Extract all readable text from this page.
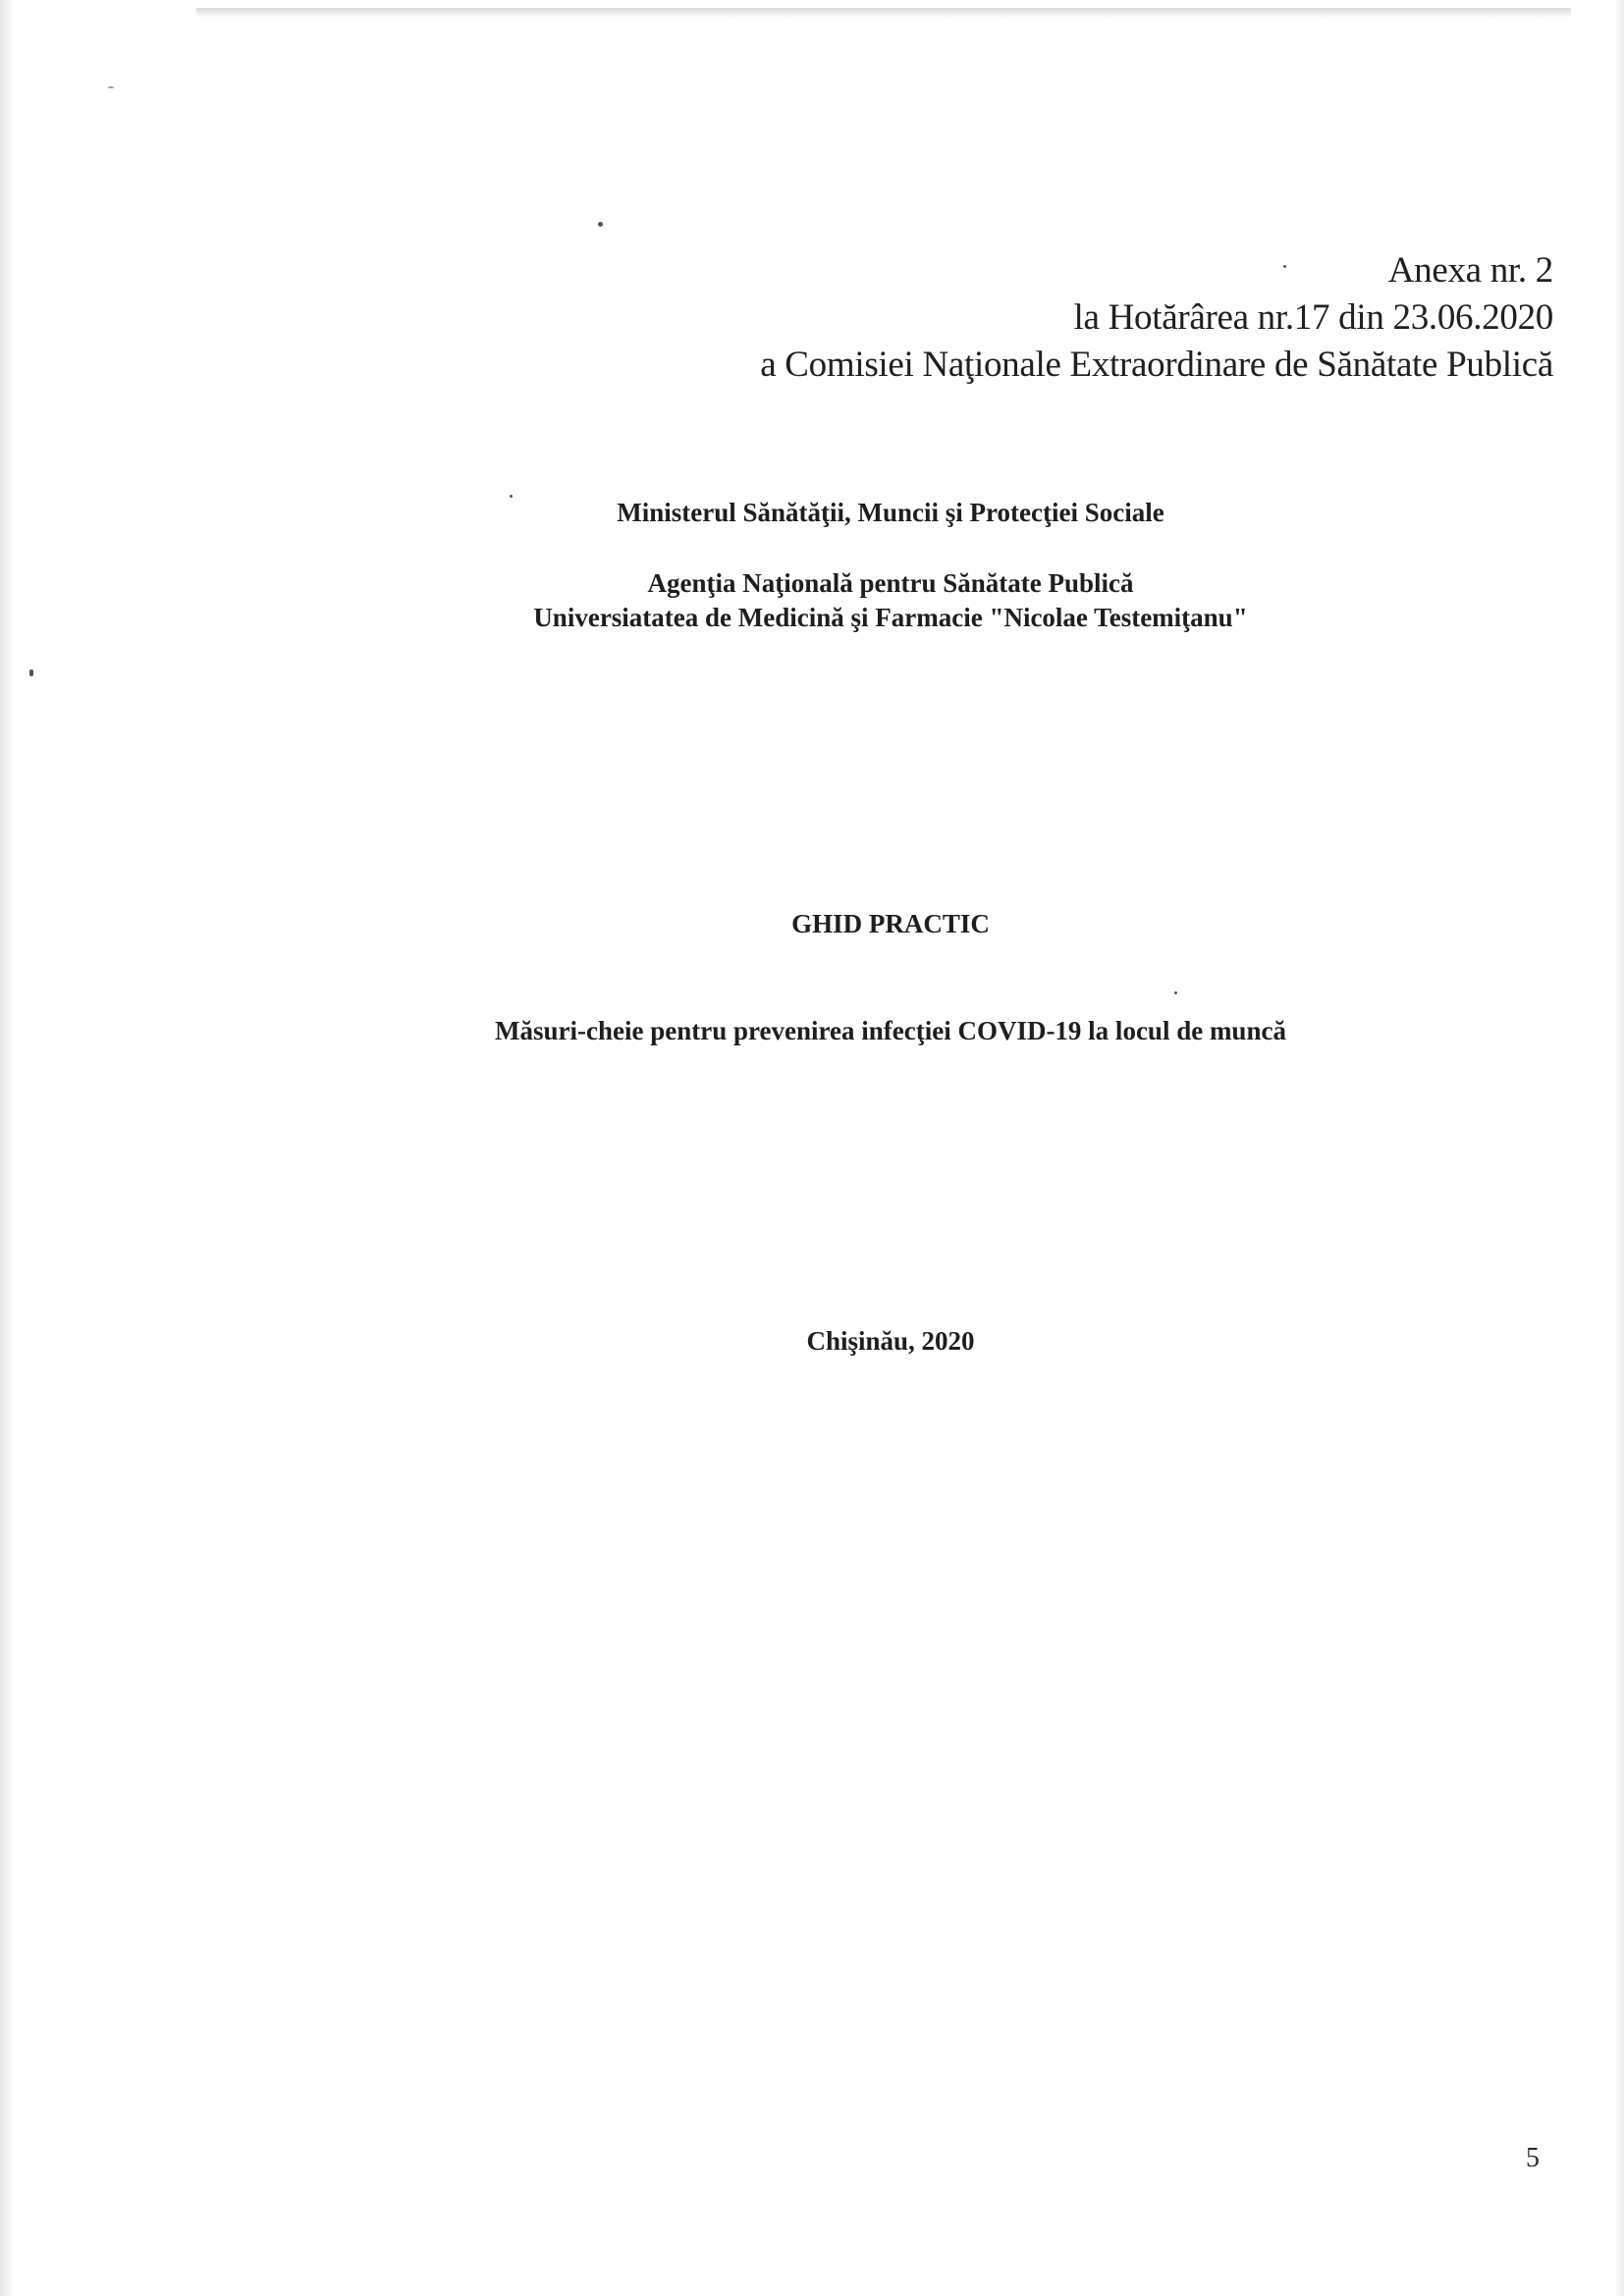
Anexa nr. 2
la Hotărârea nr.17 din 23.06.2020
a Comisiei Naţionale Extraordinare de Sănătate Publică
Ministerul Sănătăţii, Muncii şi Protecţiei Sociale
Agenţia Naţională pentru Sănătate Publică
Universiatatea de Medicină şi Farmacie "Nicolae Testemiţanu"
GHID PRACTIC
Măsuri-cheie pentru prevenirea infecţiei COVID-19 la locul de muncă
Chişinău, 2020
5
